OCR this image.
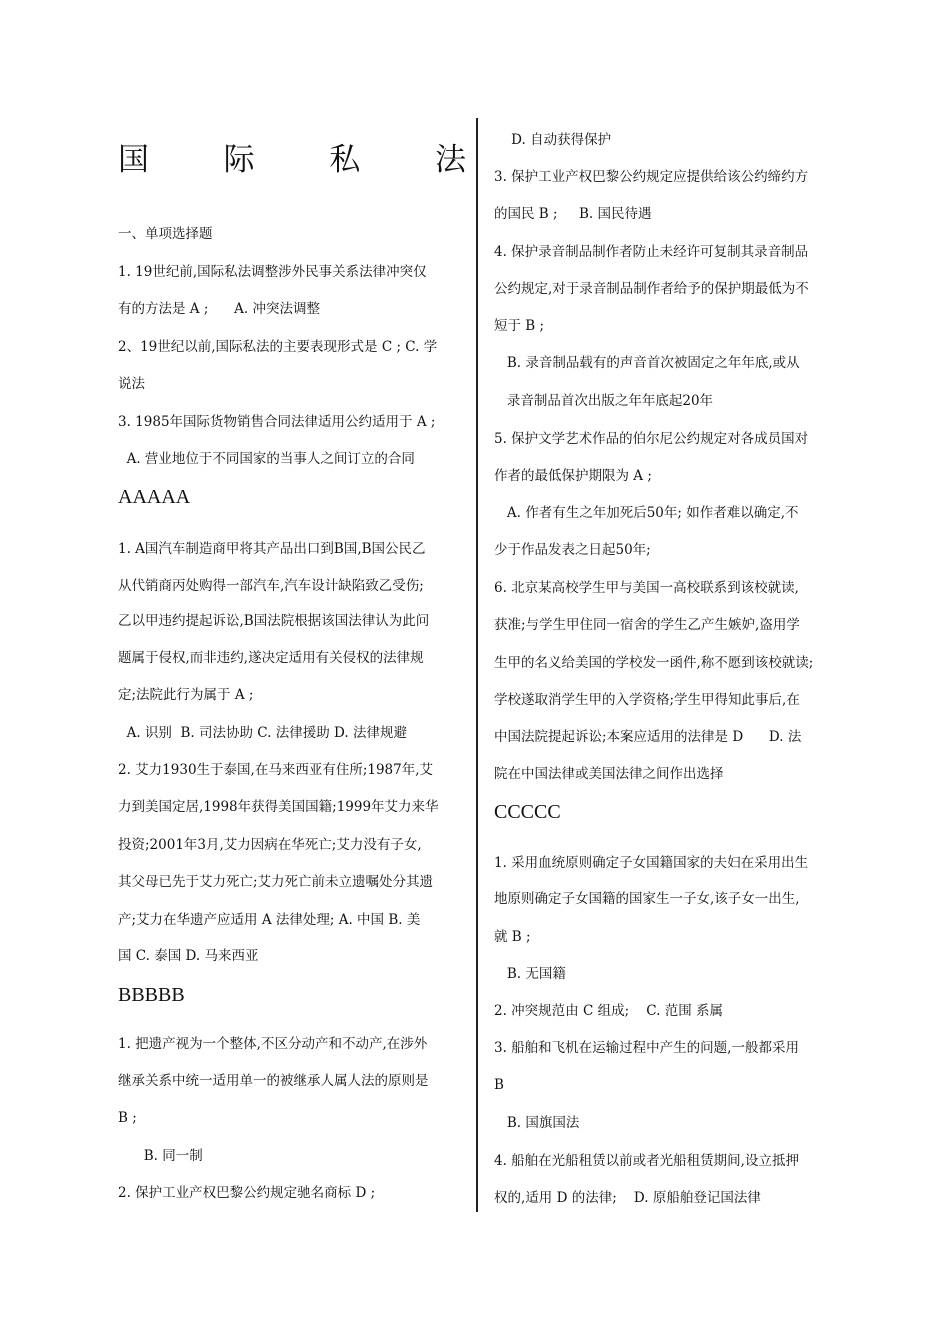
国 际 私 法
一、单项选择题
1. 19世纪前,国际私法调整涉外民事关系法律冲突仅
有的方法是 A ;      A. 冲突法调整
2、19世纪以前,国际私法的主要表现形式是 C ; C. 学
说法
3. 1985年国际货物销售合同法律适用公约适用于 A ;
A. 营业地位于不同国家的当事人之间订立的合同
AAAAA
1. A国汽车制造商甲将其产品出口到B国,B国公民乙
从代销商丙处购得一部汽车,汽车设计缺陷致乙受伤;
乙以甲违约提起诉讼,B国法院根据该国法律认为此问
题属于侵权,而非违约,遂决定适用有关侵权的法律规
定;法院此行为属于 A ;
A. 识别  B. 司法协助 C. 法律援助 D. 法律规避
2. 艾力1930生于泰国,在马来西亚有住所;1987年,艾
力到美国定居,1998年获得美国国籍;1999年艾力来华
投资;2001年3月,艾力因病在华死亡;艾力没有子女,
其父母已先于艾力死亡;艾力死亡前未立遗嘱处分其遗
产;艾力在华遗产应适用 A 法律处理; A. 中国 B. 美
国 C. 泰国 D. 马来西亚
BBBBB
1. 把遗产视为一个整体,不区分动产和不动产,在涉外
继承关系中统一适用单一的被继承人属人法的原则是
B ;
B. 同一制
2. 保护工业产权巴黎公约规定驰名商标 D ;
D. 自动获得保护
3. 保护工业产权巴黎公约规定应提供给该公约缔约方
的国民 B ;     B. 国民待遇
4. 保护录音制品制作者防止未经许可复制其录音制品
公约规定,对于录音制品制作者给予的保护期最低为不
短于 B ;
B. 录音制品载有的声音首次被固定之年年底,或从
录音制品首次出版之年年底起20年
5. 保护文学艺术作品的伯尔尼公约规定对各成员国对
作者的最低保护期限为 A ;
A. 作者有生之年加死后50年; 如作者难以确定,不
少于作品发表之日起50年;
6. 北京某高校学生甲与美国一高校联系到该校就读,
获准;与学生甲住同一宿舍的学生乙产生嫉妒,盗用学
生甲的名义给美国的学校发一函件,称不愿到该校就读;
学校遂取消学生甲的入学资格;学生甲得知此事后,在
中国法院提起诉讼;本案应适用的法律是 D      D. 法
院在中国法律或美国法律之间作出选择
CCCCC
1. 采用血统原则确定子女国籍国家的夫妇在采用出生
地原则确定子女国籍的国家生一子女,该子女一出生,
就 B ;
B. 无国籍
2. 冲突规范由 C 组成;    C. 范围 系属
3. 船舶和飞机在运输过程中产生的问题,一般都采用
B
B. 国旗国法
4. 船舶在光船租赁以前或者光船租赁期间,设立抵押
权的,适用 D 的法律;    D. 原船舶登记国法律
